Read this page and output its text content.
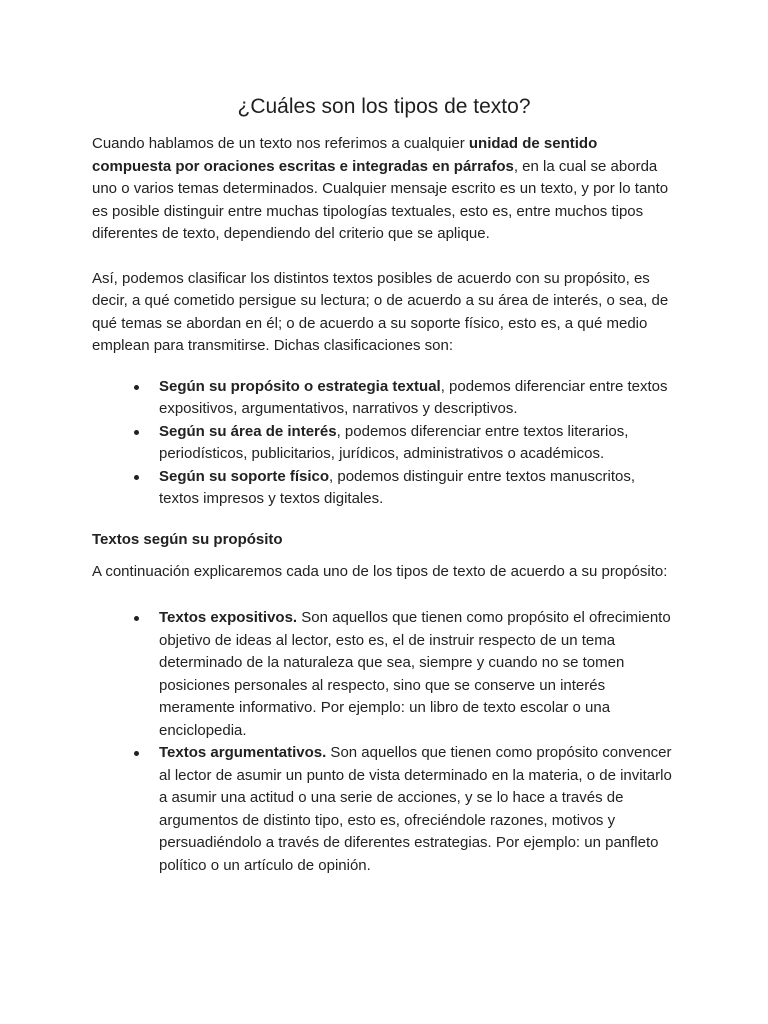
¿Cuáles son los tipos de texto?

Cuando hablamos de un texto nos referimos a cualquier unidad de sentido compuesta por oraciones escritas e integradas en párrafos, en la cual se aborda uno o varios temas determinados. Cualquier mensaje escrito es un texto, y por lo tanto es posible distinguir entre muchas tipologías textuales, esto es, entre muchos tipos diferentes de texto, dependiendo del criterio que se aplique.

Así, podemos clasificar los distintos textos posibles de acuerdo con su propósito, es decir, a qué cometido persigue su lectura; o de acuerdo a su área de interés, o sea, de qué temas se abordan en él; o de acuerdo a su soporte físico, esto es, a qué medio emplean para transmitirse. Dichas clasificaciones son:

Según su propósito o estrategia textual, podemos diferenciar entre textos expositivos, argumentativos, narrativos y descriptivos.
Según su área de interés, podemos diferenciar entre textos literarios, periodísticos, publicitarios, jurídicos, administrativos o académicos.
Según su soporte físico, podemos distinguir entre textos manuscritos, textos impresos y textos digitales.

Textos según su propósito

A continuación explicaremos cada uno de los tipos de texto de acuerdo a su propósito:

Textos expositivos. Son aquellos que tienen como propósito el ofrecimiento objetivo de ideas al lector, esto es, el de instruir respecto de un tema determinado de la naturaleza que sea, siempre y cuando no se tomen posiciones personales al respecto, sino que se conserve un interés meramente informativo. Por ejemplo: un libro de texto escolar o una enciclopedia.
Textos argumentativos. Son aquellos que tienen como propósito convencer al lector de asumir un punto de vista determinado en la materia, o de invitarlo a asumir una actitud o una serie de acciones, y se lo hace a través de argumentos de distinto tipo, esto es, ofreciéndole razones, motivos y persuadiéndolo a través de diferentes estrategias. Por ejemplo: un panfleto político o un artículo de opinión.
